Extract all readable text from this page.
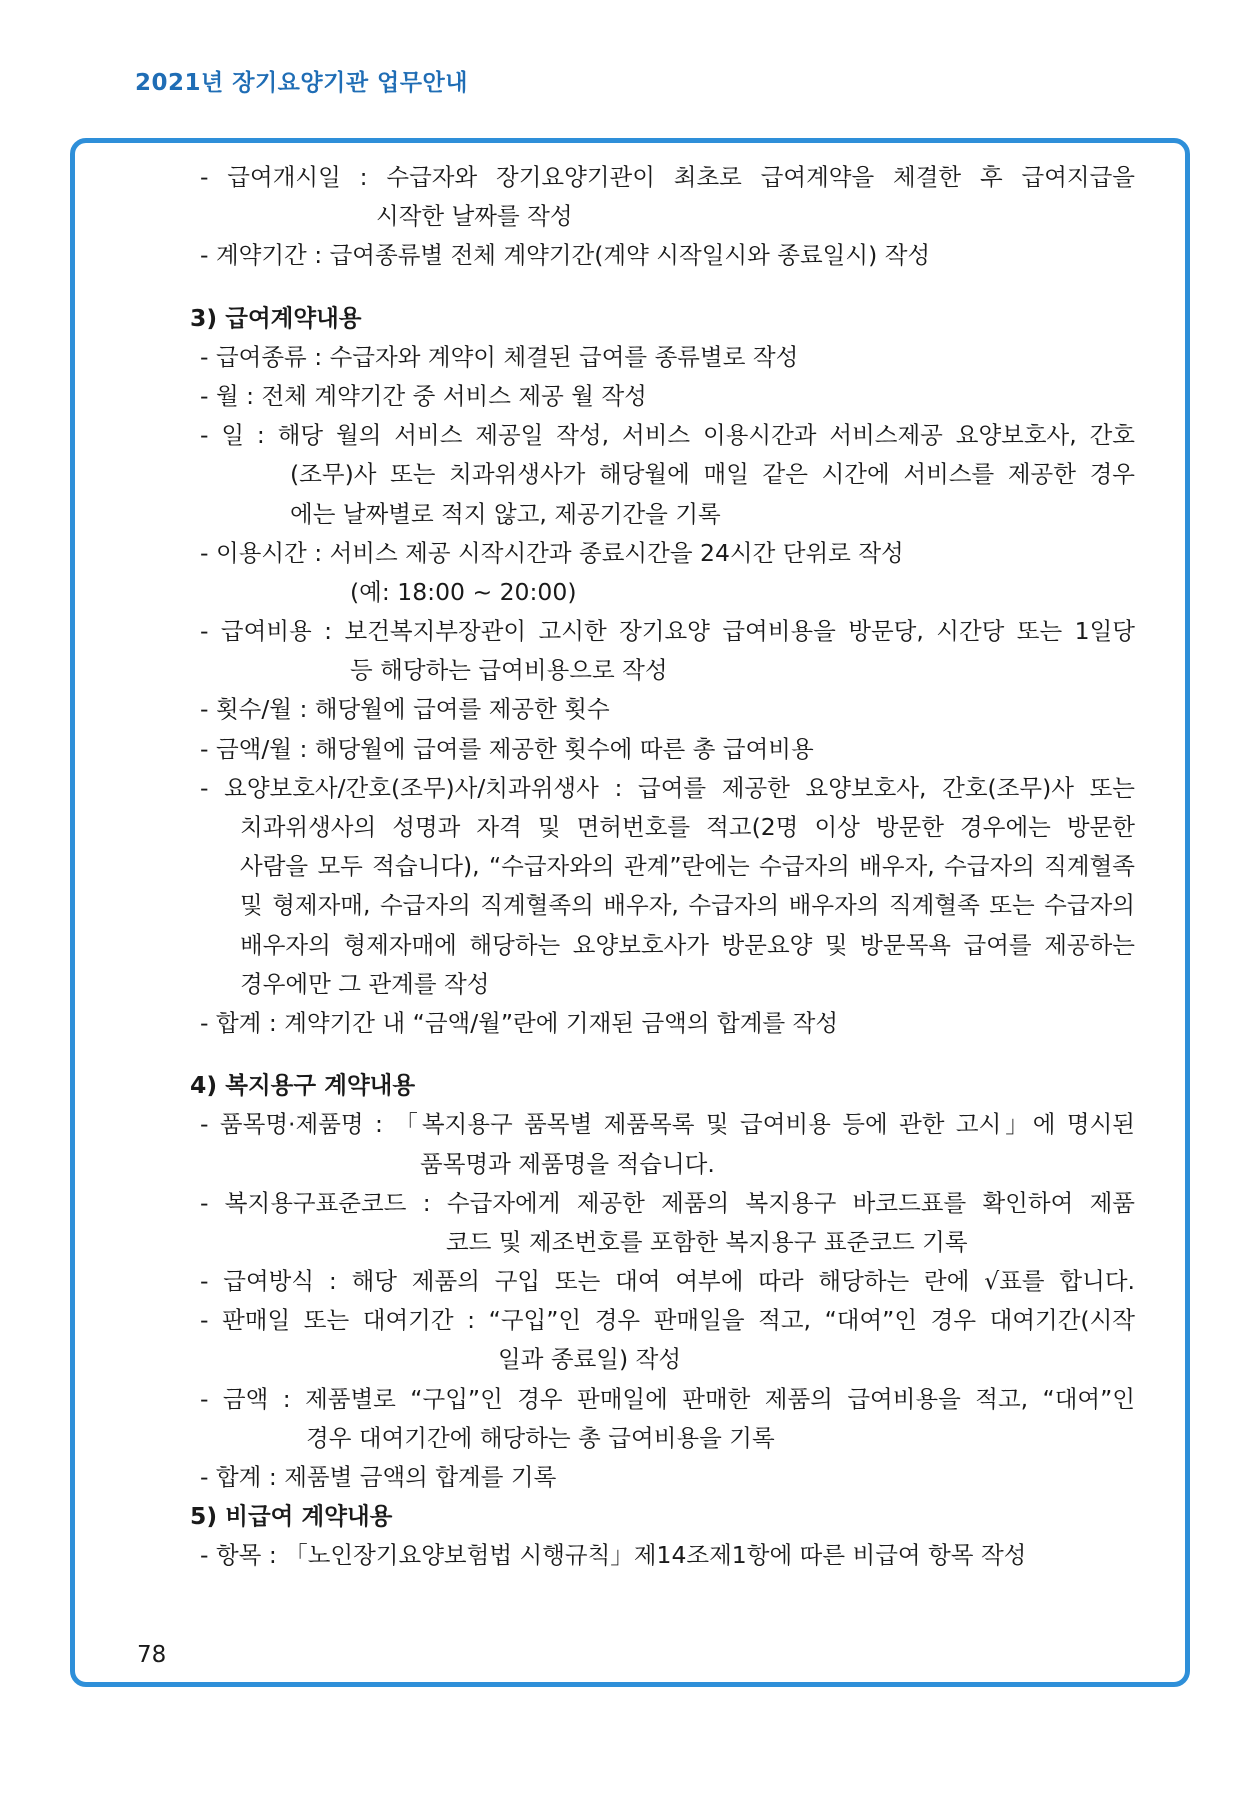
2021년 장기요양기관 업무안내
- 급여개시일 : 수급자와 장기요양기관이 최초로 급여계약을 체결한 후 급여지급을
시작한 날짜를 작성
- 계약기간 : 급여종류별 전체 계약기간(계약 시작일시와 종료일시) 작성
3) 급여계약내용
- 급여종류 : 수급자와 계약이 체결된 급여를 종류별로 작성
- 월 : 전체 계약기간 중 서비스 제공 월 작성
- 일 : 해당 월의 서비스 제공일 작성, 서비스 이용시간과 서비스제공 요양보호사, 간호
(조무)사 또는 치과위생사가 해당월에 매일 같은 시간에 서비스를 제공한 경우
에는 날짜별로 적지 않고, 제공기간을 기록
- 이용시간 : 서비스 제공 시작시간과 종료시간을 24시간 단위로 작성
(예: 18:00 ~ 20:00)
- 급여비용 : 보건복지부장관이 고시한 장기요양 급여비용을 방문당, 시간당 또는 1일당
등 해당하는 급여비용으로 작성
- 횟수/월 : 해당월에 급여를 제공한 횟수
- 금액/월 : 해당월에 급여를 제공한 횟수에 따른 총 급여비용
- 요양보호사/간호(조무)사/치과위생사 : 급여를 제공한 요양보호사, 간호(조무)사 또는
치과위생사의 성명과 자격 및 면허번호를 적고(2명 이상 방문한 경우에는 방문한
사람을 모두 적습니다), “수급자와의 관계”란에는 수급자의 배우자, 수급자의 직계혈족
및 형제자매, 수급자의 직계혈족의 배우자, 수급자의 배우자의 직계혈족 또는 수급자의
배우자의 형제자매에 해당하는 요양보호사가 방문요양 및 방문목욕 급여를 제공하는
경우에만 그 관계를 작성
- 합계 : 계약기간 내 “금액/월”란에 기재된 금액의 합계를 작성
4) 복지용구 계약내용
- 품목명·제품명 : 「복지용구 품목별 제품목록 및 급여비용 등에 관한 고시」에 명시된
품목명과 제품명을 적습니다.
- 복지용구표준코드 : 수급자에게 제공한 제품의 복지용구 바코드표를 확인하여 제품
코드 및 제조번호를 포함한 복지용구 표준코드 기록
- 급여방식 : 해당 제품의 구입 또는 대여 여부에 따라 해당하는 란에 √표를 합니다.
- 판매일 또는 대여기간 : “구입”인 경우 판매일을 적고, “대여”인 경우 대여기간(시작
일과 종료일) 작성
- 금액 : 제품별로 “구입”인 경우 판매일에 판매한 제품의 급여비용을 적고, “대여”인
경우 대여기간에 해당하는 총 급여비용을 기록
- 합계 : 제품별 금액의 합계를 기록
5) 비급여 계약내용
- 항목 : 「노인장기요양보험법 시행규칙」제14조제1항에 따른 비급여 항목 작성
78
